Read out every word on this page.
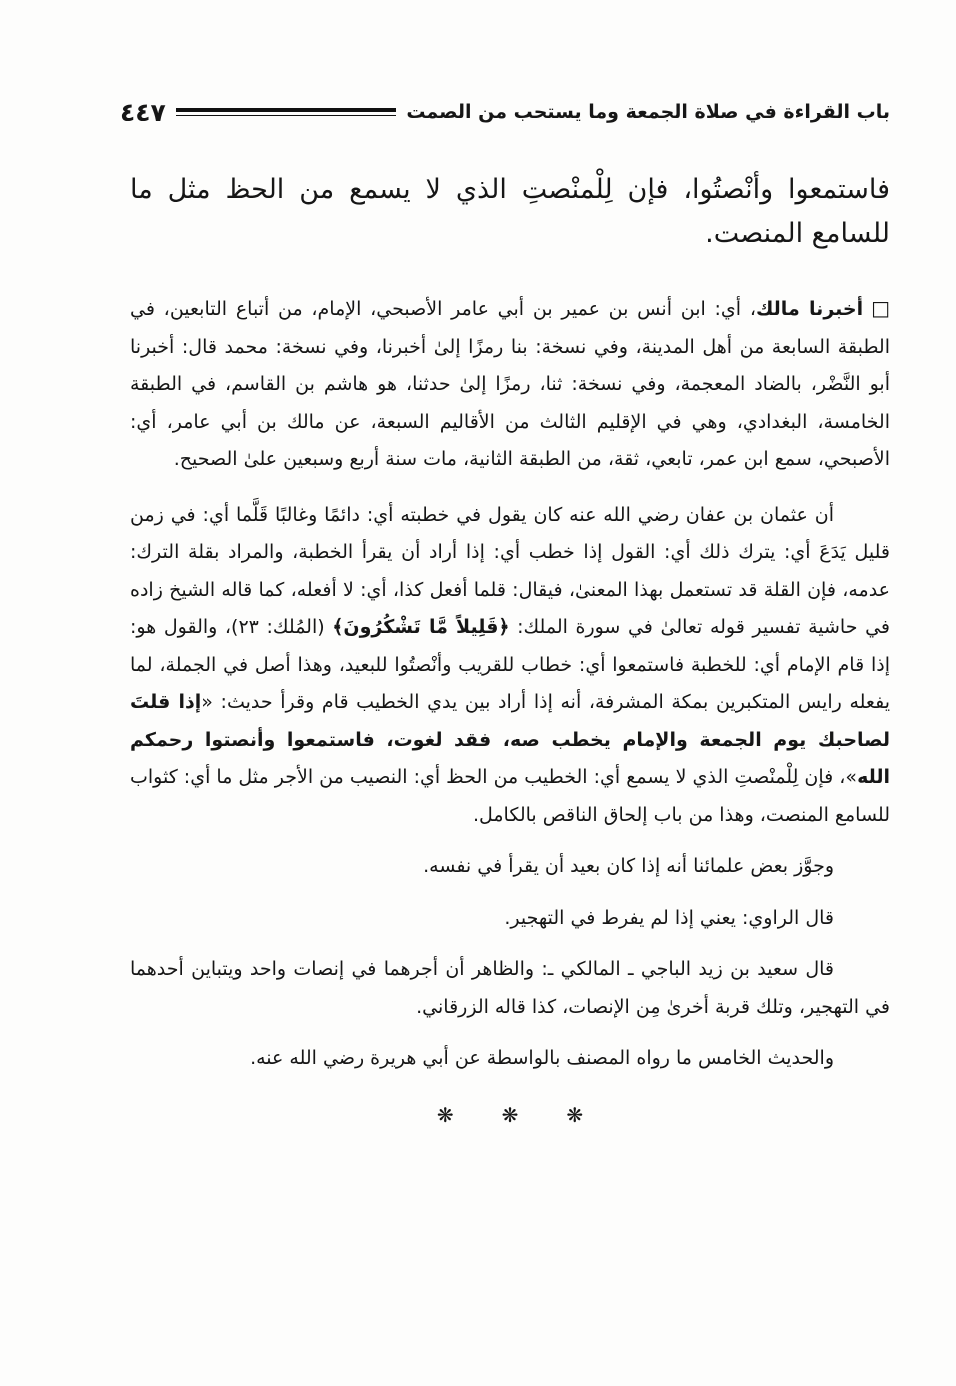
باب القراءة في صلاة الجمعة وما يستحب من الصمت
٤٤٧

فاستمعوا وأنْصتُوا، فإن لِلْمنْصتِ الذي لا يسمع من الحظ مثل ما للسامع المنصت.

□أخبرنا مالك، أي: ابن أنس بن عمير بن أبي عامر الأصبحي، الإمام، من أتباع التابعين، في الطبقة السابعة من أهل المدينة، وفي نسخة: بنا رمزًا إلىٰ أخبرنا، وفي نسخة: محمد قال: أخبرنا أبو النَّضْر، بالضاد المعجمة، وفي نسخة: ثنا، رمزًا إلىٰ حدثنا، هو هاشم بن القاسم، في الطبقة الخامسة، البغدادي، وهي في الإقليم الثالث من الأقاليم السبعة، عن مالك بن أبي عامر، أي: الأصبحي، سمع ابن عمر، تابعي، ثقة، من الطبقة الثانية، مات سنة أربع وسبعين علىٰ الصحيح.

أن عثمان بن عفان رضي الله عنه كان يقول في خطبته أي: دائمًا وغالبًا قَلَّما أي: في زمن قليل يَدَعَ أي: يترك ذلك أي: القول إذا خطب أي: إذا أراد أن يقرأ الخطبة، والمراد بقلة الترك: عدمه، فإن القلة قد تستعمل بهذا المعنىٰ، فيقال: قلما أفعل كذا، أي: لا أفعله، كما قاله الشيخ زاده في حاشية تفسير قوله تعالىٰ في سورة الملك: ﴿قَلِيلاً مَّا تَشْكُرُونَ﴾ (المُلك: ٢٣)، والقول هو: إذا قام الإمام أي: للخطبة فاستمعوا أي: خطاب للقريب وأنْصتُوا للبعيد، وهذا أصل في الجملة، لما يفعله رايس المتكبرين بمكة المشرفة، أنه إذا أراد بين يدي الخطيب قام وقرأ حديث: «إذا قلتَ لصاحبك يوم الجمعة والإمام يخطب صه، فقد لغوت، فاستمعوا وأنصتوا رحمكم الله»، فإن لِلْمنْصتِ الذي لا يسمع أي: الخطيب من الحظ أي: النصيب من الأجر مثل ما أي: كثواب للسامع المنصت، وهذا من باب إلحاق الناقص بالكامل.

وجوَّز بعض علمائنا أنه إذا كان بعيد أن يقرأ في نفسه.

قال الراوي: يعني إذا لم يفرط في التهجير.

قال سعيد بن زيد الباجي ـ المالكي ـ: والظاهر أن أجرهما في إنصات واحد ويتباين أحدهما في التهجير، وتلك قربة أخرىٰ مِن الإنصات، كذا قاله الزرقاني.

والحديث الخامس ما رواه المصنف بالواسطة عن أبي هريرة رضي الله عنه.

❋
❋
❋
